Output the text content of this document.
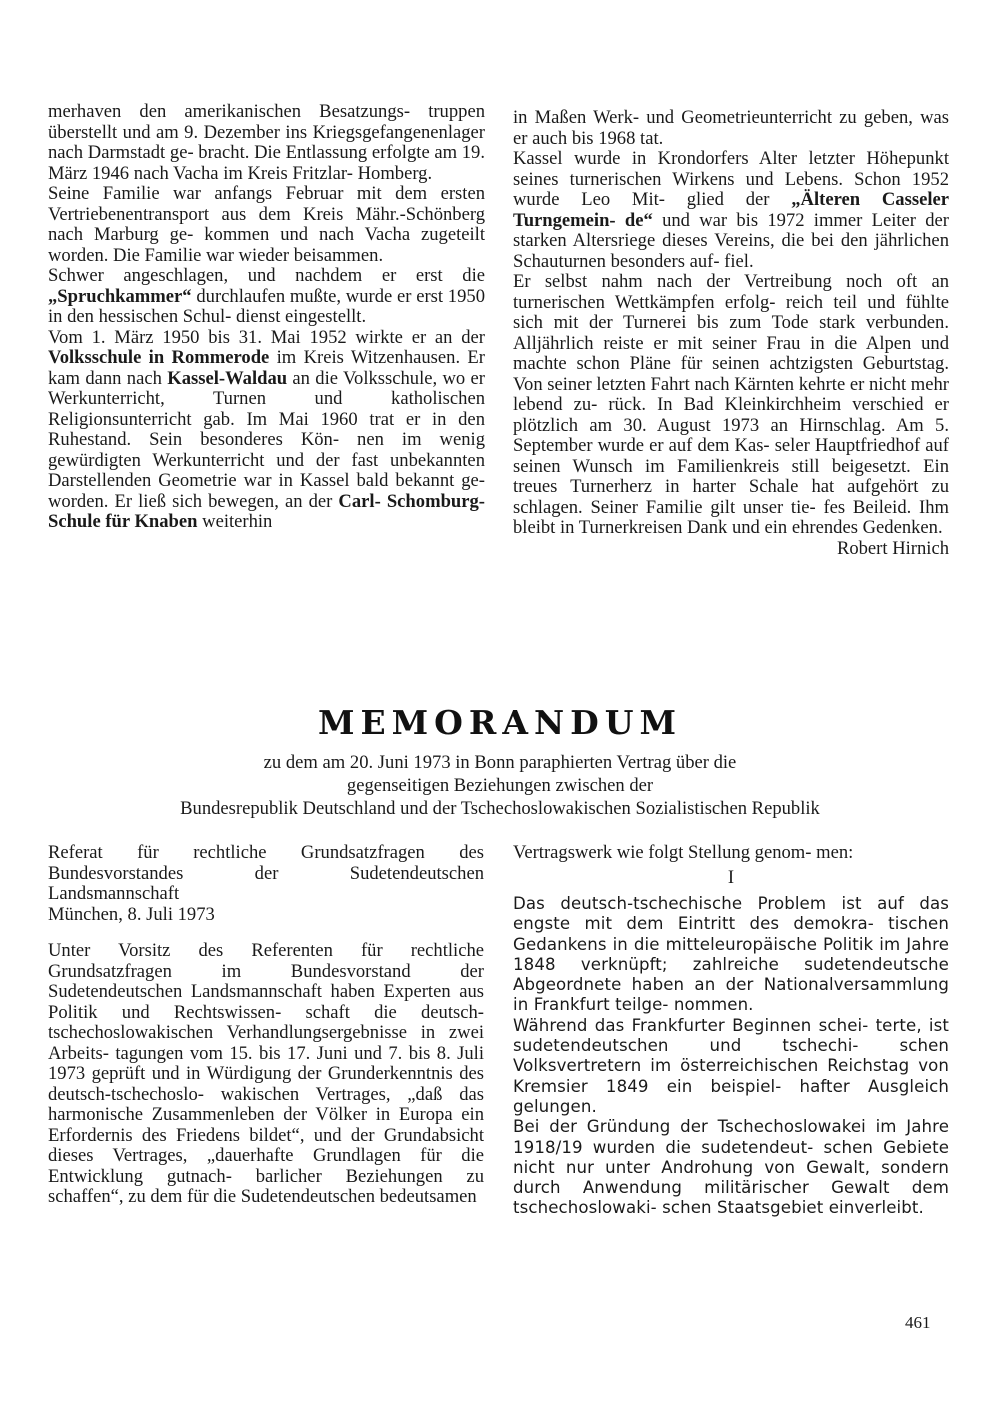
merhaven den amerikanischen Besatzungs- truppen überstellt und am 9. Dezember ins Kriegsgefangenenlager nach Darmstadt ge- bracht. Die Entlassung erfolgte am 19. März 1946 nach Vacha im Kreis Fritzlar- Homberg.

Seine Familie war anfangs Februar mit dem ersten Vertriebenentransport aus dem Kreis Mähr.-Schönberg nach Marburg ge- kommen und nach Vacha zugeteilt worden. Die Familie war wieder beisammen.

Schwer angeschlagen, und nachdem er erst die „Spruchkammer“ durchlaufen mußte, wurde er erst 1950 in den hessischen Schul- dienst eingestellt.

Vom 1. März 1950 bis 31. Mai 1952 wirkte er an der Volksschule in Rommerode im Kreis Witzenhausen. Er kam dann nach Kassel-Waldau an die Volksschule, wo er Werkunterricht, Turnen und katholischen Religionsunterricht gab. Im Mai 1960 trat er in den Ruhestand. Sein besonderes Kön- nen im wenig gewürdigten Werkunterricht und der fast unbekannten Darstellenden Geometrie war in Kassel bald bekannt ge- worden. Er ließ sich bewegen, an der Carl- Schomburg-Schule für Knaben weiterhin

in Maßen Werk- und Geometrieunterricht zu geben, was er auch bis 1968 tat.

Kassel wurde in Krondorfers Alter letzter Höhepunkt seines turnerischen Wirkens und Lebens. Schon 1952 wurde Leo Mit- glied der „Älteren Casseler Turngemein- de“ und war bis 1972 immer Leiter der starken Altersriege dieses Vereins, die bei den jährlichen Schauturnen besonders auf- fiel.

Er selbst nahm nach der Vertreibung noch oft an turnerischen Wettkämpfen erfolg- reich teil und fühlte sich mit der Turnerei bis zum Tode stark verbunden. Alljährlich reiste er mit seiner Frau in die Alpen und machte schon Pläne für seinen achtzigsten Geburtstag. Von seiner letzten Fahrt nach Kärnten kehrte er nicht mehr lebend zu- rück. In Bad Kleinkirchheim verschied er plötzlich am 30. August 1973 an Hirnschlag. Am 5. September wurde er auf dem Kas- seler Hauptfriedhof auf seinen Wunsch im Familienkreis still beigesetzt. Ein treues Turnerherz in harter Schale hat aufgehört zu schlagen. Seiner Familie gilt unser tie- fes Beileid. Ihm bleibt in Turnerkreisen Dank und ein ehrendes Gedenken.

Robert Hirnich

MEMORANDUM
zu dem am 20. Juni 1973 in Bonn paraphierten Vertrag über die
gegenseitigen Beziehungen zwischen der
Bundesrepublik Deutschland und der Tschechoslowakischen Sozialistischen Republik

Referat für rechtliche Grundsatzfragen des Bundesvorstandes der Sudetendeutschen Landsmannschaft

München, 8. Juli 1973

Unter Vorsitz des Referenten für rechtliche Grundsatzfragen im Bundesvorstand der Sudetendeutschen Landsmannschaft haben Experten aus Politik und Rechtswissen- schaft die deutsch-tschechoslowakischen Verhandlungsergebnisse in zwei Arbeits- tagungen vom 15. bis 17. Juni und 7. bis 8. Juli 1973 geprüft und in Würdigung der Grunderkenntnis des deutsch-tschechoslo- wakischen Vertrages, „daß das harmonische Zusammenleben der Völker in Europa ein Erfordernis des Friedens bildet“, und der Grundabsicht dieses Vertrages, „dauerhafte Grundlagen für die Entwicklung gutnach- barlicher Beziehungen zu schaffen“, zu dem für die Sudetendeutschen bedeutsamen

Vertragswerk wie folgt Stellung genom- men:

I

Das deutsch-tschechische Problem ist auf das engste mit dem Eintritt des demokra- tischen Gedankens in die mitteleuropäische Politik im Jahre 1848 verknüpft; zahlreiche sudetendeutsche Abgeordnete haben an der Nationalversammlung in Frankfurt teilge- nommen.

Während das Frankfurter Beginnen schei- terte, ist sudetendeutschen und tschechi- schen Volksvertretern im österreichischen Reichstag von Kremsier 1849 ein beispiel- hafter Ausgleich gelungen.

Bei der Gründung der Tschechoslowakei im Jahre 1918/19 wurden die sudetendeut- schen Gebiete nicht nur unter Androhung von Gewalt, sondern durch Anwendung militärischer Gewalt dem tschechoslowaki- schen Staatsgebiet einverleibt.

461
